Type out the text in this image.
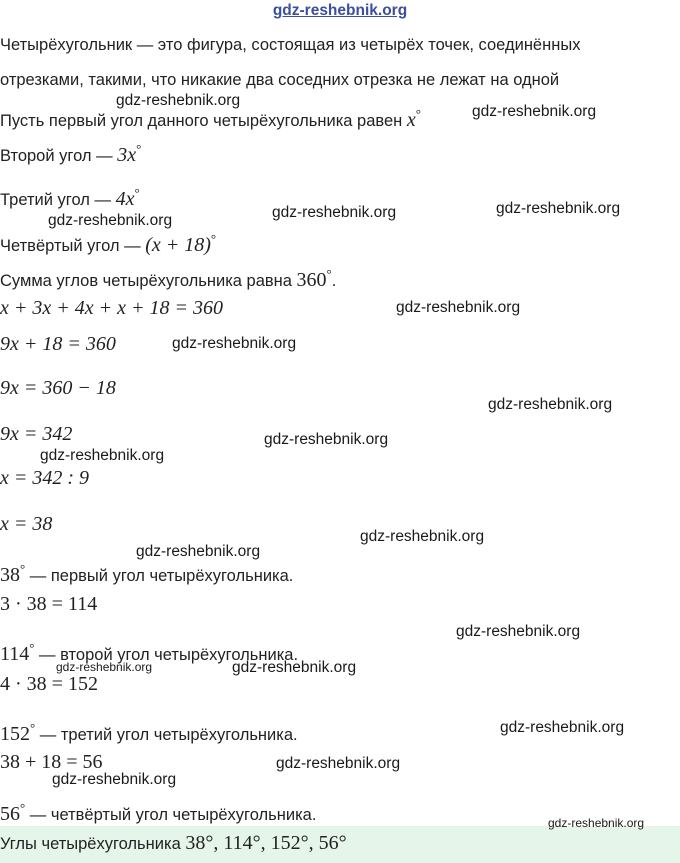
gdz-reshebnik.org
Четырёхугольник — это фигура, состоящая из четырёх точек, соединённых
отрезками, такими, что никакие два соседних отрезка не лежат на одной
Пусть первый угол данного четырёхугольника равен x°
Второй угол — 3x°
Третий угол — 4x°
Четвёртый угол — (x + 18)°
Сумма углов четырёхугольника равна 360°.
x + 3x + 4x + x + 18 = 360
9x + 18 = 360
9x = 360 − 18
9x = 342
x = 342 : 9
x = 38
38° — первый угол четырёхугольника.
3 · 38 = 114
114° — второй угол четырёхугольника.
4 · 38 = 152
152° — третий угол четырёхугольника.
38 + 18 = 56
56° — четвёртый угол четырёхугольника.
Углы четырёхугольника 38°, 114°, 152°, 56°
gdz-reshebnik.org
gdz-reshebnik.org
gdz-reshebnik.org
gdz-reshebnik.org
gdz-reshebnik.org
gdz-reshebnik.org
gdz-reshebnik.org
gdz-reshebnik.org
gdz-reshebnik.org
gdz-reshebnik.org
gdz-reshebnik.org
gdz-reshebnik.org
gdz-reshebnik.org
gdz-reshebnik.org	gdz-reshebnik.org
gdz-reshebnik.org
gdz-reshebnik.org
gdz-reshebnik.org
gdz-reshebnik.org
